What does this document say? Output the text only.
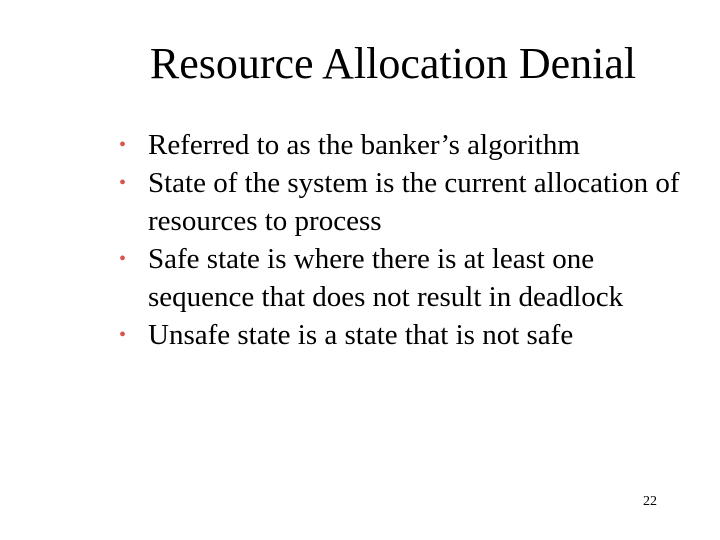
Resource Allocation Denial
• Referred to as the banker’s algorithm
• State of the system is the current allocation of resources to process
• Safe state is where there is at least one sequence that does not result in deadlock
• Unsafe state is a state that is not safe
22
